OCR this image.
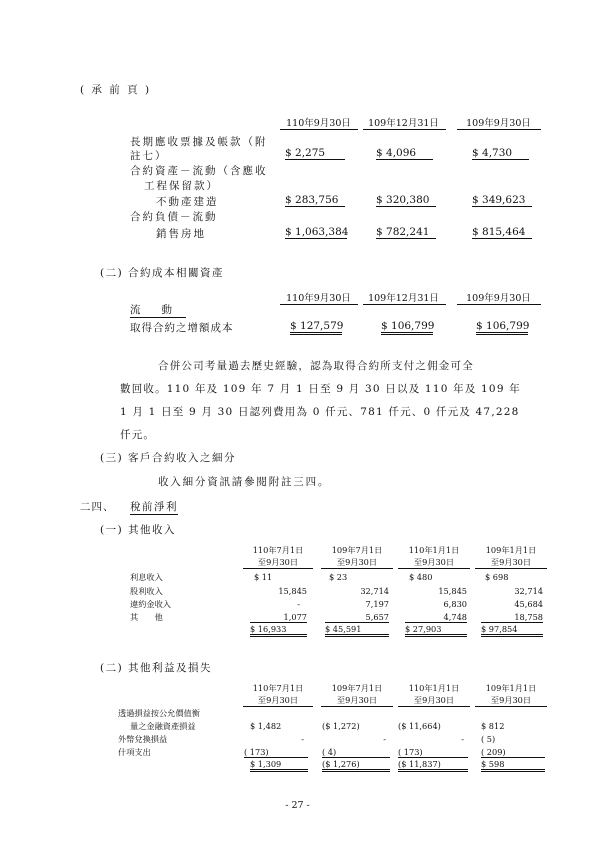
( 承 前 頁 )
110年9月30日	109年12月31日	109年9月30日
長期應收票據及帳款（附
註七）	$ 2,275	$ 4,096	$ 4,730
合約資產－流動（含應收
工程保留款）
不動產建造	$ 283,756	$ 320,380	$ 349,623
合約負債－流動
銷售房地	$ 1,063,384	$ 782,241	$ 815,464
(二) 合約成本相關資產
110年9月30日	109年12月31日	109年9月30日
流　　動
取得合約之增額成本	$ 127,579	$ 106,799	$ 106,799
合併公司考量過去歷史經驗，認為取得合約所支付之佣金可全
數回收。110 年及 109 年 7 月 1 日至 9 月 30 日以及 110 年及 109 年
1 月 1 日至 9 月 30 日認列費用為 0 仟元、781 仟元、0 仟元及 47,228
仟元。
(三) 客戶合約收入之細分
收入細分資訊請參閱附註三四。
二四、 稅前淨利
(一) 其他收入
110年7月1日
至9月30日
109年7月1日
至9月30日
110年1月1日
至9月30日
109年1月1日
至9月30日
利息收入	$ 11	$ 23	$ 480	$ 698
股利收入	15,845	32,714	15,845	32,714
違約金收入	-	7,197	6,830	45,684
其　　他	1,077	5,657	4,748	18,758
$ 16,933	$ 45,591	$ 27,903	$ 97,854
(二) 其他利益及損失
110年7月1日
至9月30日
109年7月1日
至9月30日
110年1月1日
至9月30日
109年1月1日
至9月30日
透過損益按公允價值衡
量之金融資產損益	$ 1,482	($ 1,272)	($ 11,664)	$ 812
外幣兌換損益	-	-	- ( 5)
什項支出	( 173)	( 4)	( 173)	( 209)
$ 1,309	($ 1,276)	($ 11,837)	$ 598
- 27 -
